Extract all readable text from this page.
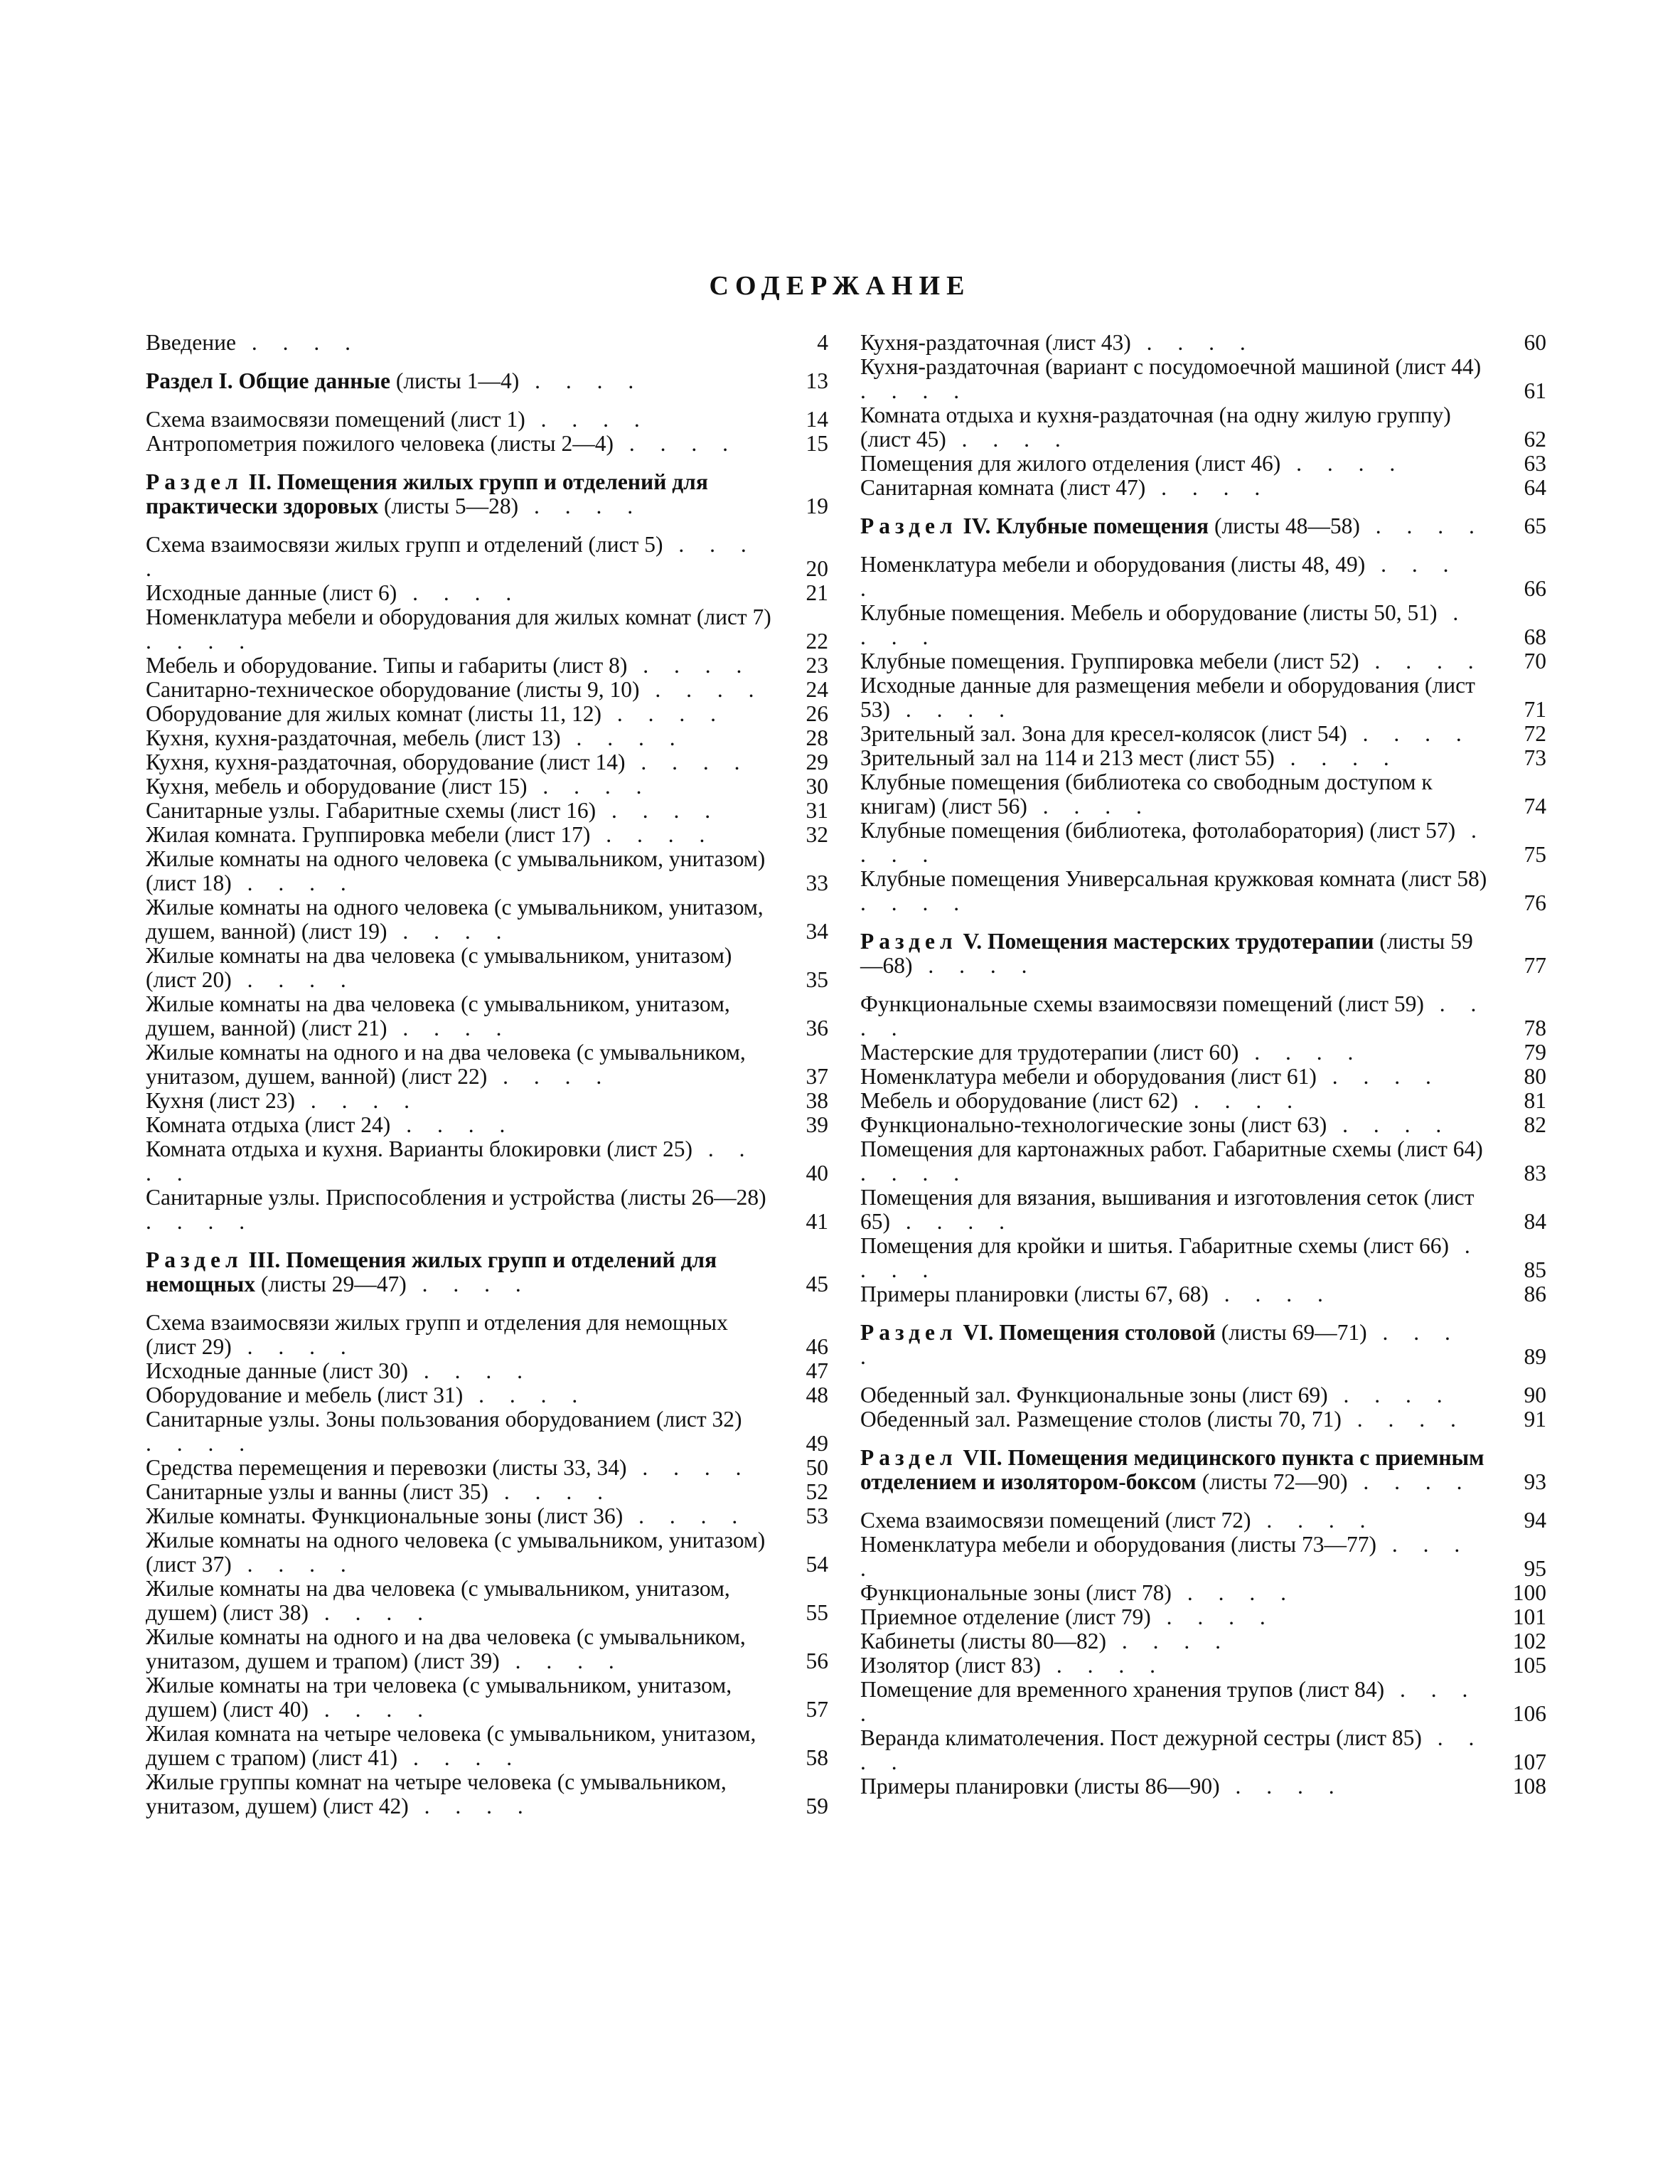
СОДЕРЖАНИЕ
Введение . . . .	4
Раздел I. Общие данные (листы 1—4) . . . .	13
Схема взаимосвязи помещений (лист 1) . . . .	14
Антропометрия пожилого человека (листы 2—4) . . . .	15
Раздел II. Помещения жилых групп и отделений для практически здоровых (листы 5—28) . . . .	19
Схема взаимосвязи жилых групп и отделений (лист 5) . . . .	20
Исходные данные (лист 6) . . . .	21
Номенклатура мебели и оборудования для жилых комнат (лист 7) . . . .	22
Мебель и оборудование. Типы и габариты (лист 8) . . . .	23
Санитарно-техническое оборудование (листы 9, 10) . . . .	24
Оборудование для жилых комнат (листы 11, 12) . . . .	26
Кухня, кухня-раздаточная, мебель (лист 13) . . . .	28
Кухня, кухня-раздаточная, оборудование (лист 14) . . . .	29
Кухня, мебель и оборудование (лист 15) . . . .	30
Санитарные узлы. Габаритные схемы (лист 16) . . . .	31
Жилая комната. Группировка мебели (лист 17) . . . .	32
Жилые комнаты на одного человека (с умывальником, унитазом) (лист 18) . . . .	33
Жилые комнаты на одного человека (с умывальником, унитазом, душем, ванной) (лист 19) . . . .	34
Жилые комнаты на два человека (с умывальником, унитазом) (лист 20) . . . .	35
Жилые комнаты на два человека (с умывальником, унитазом, душем, ванной) (лист 21) . . . .	36
Жилые комнаты на одного и на два человека (с умывальником, унитазом, душем, ванной) (лист 22) . . . .	37
Кухня (лист 23) . . . .	38
Комната отдыха (лист 24) . . . .	39
Комната отдыха и кухня. Варианты блокировки (лист 25) . . . .	40
Санитарные узлы. Приспособления и устройства (листы 26—28) . . . .	41
Раздел III. Помещения жилых групп и отделений для немощных (листы 29—47) . . . .	45
Схема взаимосвязи жилых групп и отделения для немощных (лист 29) . . . .	46
Исходные данные (лист 30) . . . .	47
Оборудование и мебель (лист 31) . . . .	48
Санитарные узлы. Зоны пользования оборудованием (лист 32) . . . .	49
Средства перемещения и перевозки (листы 33, 34) . . . .	50
Санитарные узлы и ванны (лист 35) . . . .	52
Жилые комнаты. Функциональные зоны (лист 36) . . . .	53
Жилые комнаты на одного человека (с умывальником, унитазом) (лист 37) . . . .	54
Жилые комнаты на два человека (с умывальником, унитазом, душем) (лист 38) . . . .	55
Жилые комнаты на одного и на два человека (с умывальником, унитазом, душем и трапом) (лист 39) . . . .	56
Жилые комнаты на три человека (с умывальником, унитазом, душем) (лист 40) . . . .	57
Жилая комната на четыре человека (с умывальником, унитазом, душем с трапом) (лист 41) . . . .	58
Жилые группы комнат на четыре человека (с умывальником, унитазом, душем) (лист 42) . . . .	59
Кухня-раздаточная (лист 43) . . . .	60
Кухня-раздаточная (вариант с посудомоечной машиной (лист 44) . . . .	61
Комната отдыха и кухня-раздаточная (на одну жилую группу) (лист 45) . . . .	62
Помещения для жилого отделения (лист 46) . . . .	63
Санитарная комната (лист 47) . . . .	64
Раздел IV. Клубные помещения (листы 48—58) . . . .	65
Номенклатура мебели и оборудования (листы 48, 49) . . . .	66
Клубные помещения. Мебель и оборудование (листы 50, 51) . . . .	68
Клубные помещения. Группировка мебели (лист 52) . . . .	70
Исходные данные для размещения мебели и оборудования (лист 53) . . . .	71
Зрительный зал. Зона для кресел-колясок (лист 54) . . . .	72
Зрительный зал на 114 и 213 мест (лист 55) . . . .	73
Клубные помещения (библиотека со свободным доступом к книгам) (лист 56) . . . .	74
Клубные помещения (библиотека, фотолаборатория) (лист 57) . . . .	75
Клубные помещения Универсальная кружковая комната (лист 58) . . . .	76
Раздел V. Помещения мастерских трудотерапии (листы 59—68) . . . .	77
Функциональные схемы взаимосвязи помещений (лист 59) . . . .	78
Мастерские для трудотерапии (лист 60) . . . .	79
Номенклатура мебели и оборудования (лист 61) . . . .	80
Мебель и оборудование (лист 62) . . . .	81
Функционально-технологические зоны (лист 63) . . . .	82
Помещения для картонажных работ. Габаритные схемы (лист 64) . . . .	83
Помещения для вязания, вышивания и изготовления сеток (лист 65) . . . .	84
Помещения для кройки и шитья. Габаритные схемы (лист 66) . . . .	85
Примеры планировки (листы 67, 68) . . . .	86
Раздел VI. Помещения столовой (листы 69—71) . . . .	89
Обеденный зал. Функциональные зоны (лист 69) . . . .	90
Обеденный зал. Размещение столов (листы 70, 71) . . . .	91
Раздел VII. Помещения медицинского пункта с приемным отделением и изолятором-боксом (листы 72—90) . . . .	93
Схема взаимосвязи помещений (лист 72) . . . .	94
Номенклатура мебели и оборудования (листы 73—77) . . . .	95
Функциональные зоны (лист 78) . . . .	100
Приемное отделение (лист 79) . . . .	101
Кабинеты (листы 80—82) . . . .	102
Изолятор (лист 83) . . . .	105
Помещение для временного хранения трупов (лист 84) . . . .	106
Веранда климатолечения. Пост дежурной сестры (лист 85) . . . .	107
Примеры планировки (листы 86—90) . . . .	108
